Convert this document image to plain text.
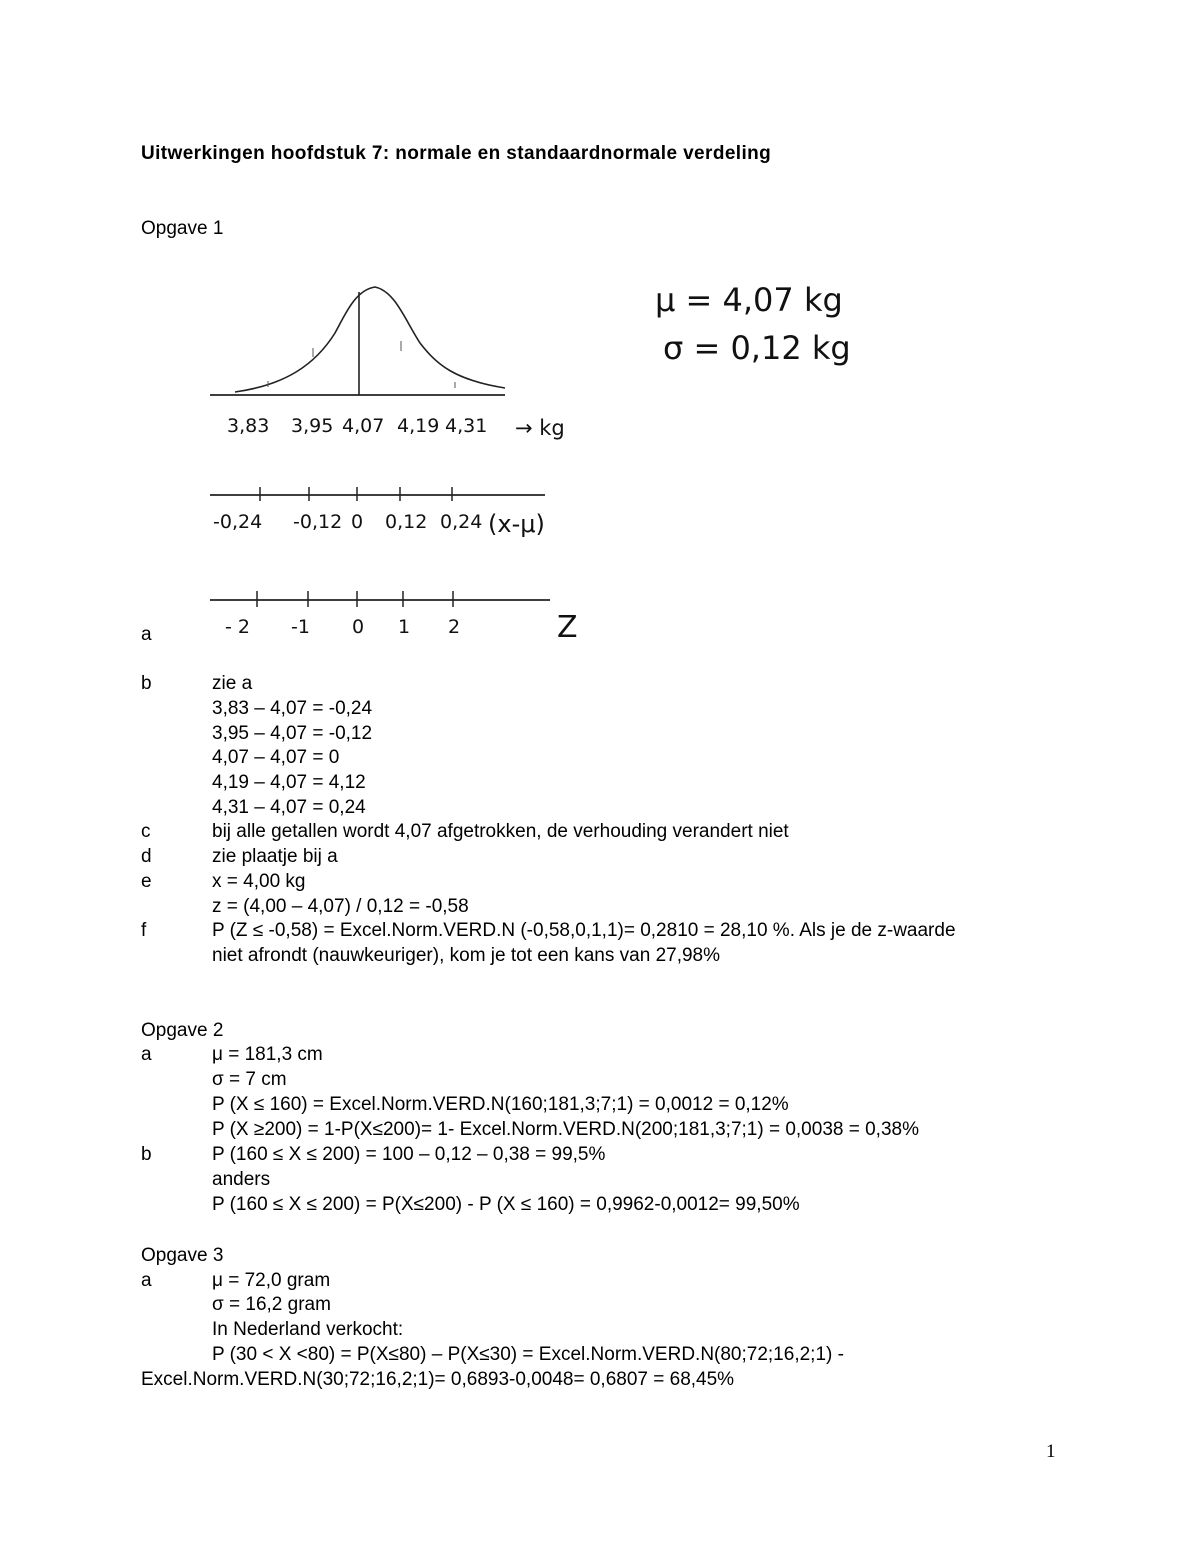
Uitwerkingen hoofdstuk 7: normale en standaardnormale verdeling
Opgave 1
3,83 3,95 4,07 4,19 4,31 → kg
-0,24 -0,12 0 0,12 0,24 (x-μ)
- 2 -1 0 1 2	Z
μ = 4,07 kg
σ = 0,12 kg
a
b	zie a
3,83 – 4,07 = -0,24
3,95 – 4,07 = -0,12
4,07 – 4,07 = 0
4,19 – 4,07 = 4,12
4,31 – 4,07 = 0,24
c	bij alle getallen wordt 4,07 afgetrokken, de verhouding verandert niet
d	zie plaatje bij a
e	x = 4,00 kg
z = (4,00 – 4,07) / 0,12 = -0,58
f	P (Z ≤ -0,58) = Excel.Norm.VERD.N (-0,58,0,1,1)= 0,2810 = 28,10 %. Als je de z-waarde
niet afrondt (nauwkeuriger), kom je tot een kans van 27,98%
Opgave 2
a	μ = 181,3 cm
σ = 7 cm
P (X ≤ 160) = Excel.Norm.VERD.N(160;181,3;7;1) = 0,0012 = 0,12%
P (X ≥200) = 1-P(X≤200)= 1- Excel.Norm.VERD.N(200;181,3;7;1) = 0,0038 = 0,38%
b	P (160 ≤ X ≤ 200) = 100 – 0,12 – 0,38 = 99,5%
anders
P (160 ≤ X ≤ 200) = P(X≤200) - P (X ≤ 160) = 0,9962-0,0012= 99,50%
Opgave 3
a	μ = 72,0 gram
σ = 16,2 gram
In Nederland verkocht:
P (30 < X <80) = P(X≤80) – P(X≤30) = Excel.Norm.VERD.N(80;72;16,2;1) -
Excel.Norm.VERD.N(30;72;16,2;1)= 0,6893-0,0048= 0,6807 = 68,45%
1
